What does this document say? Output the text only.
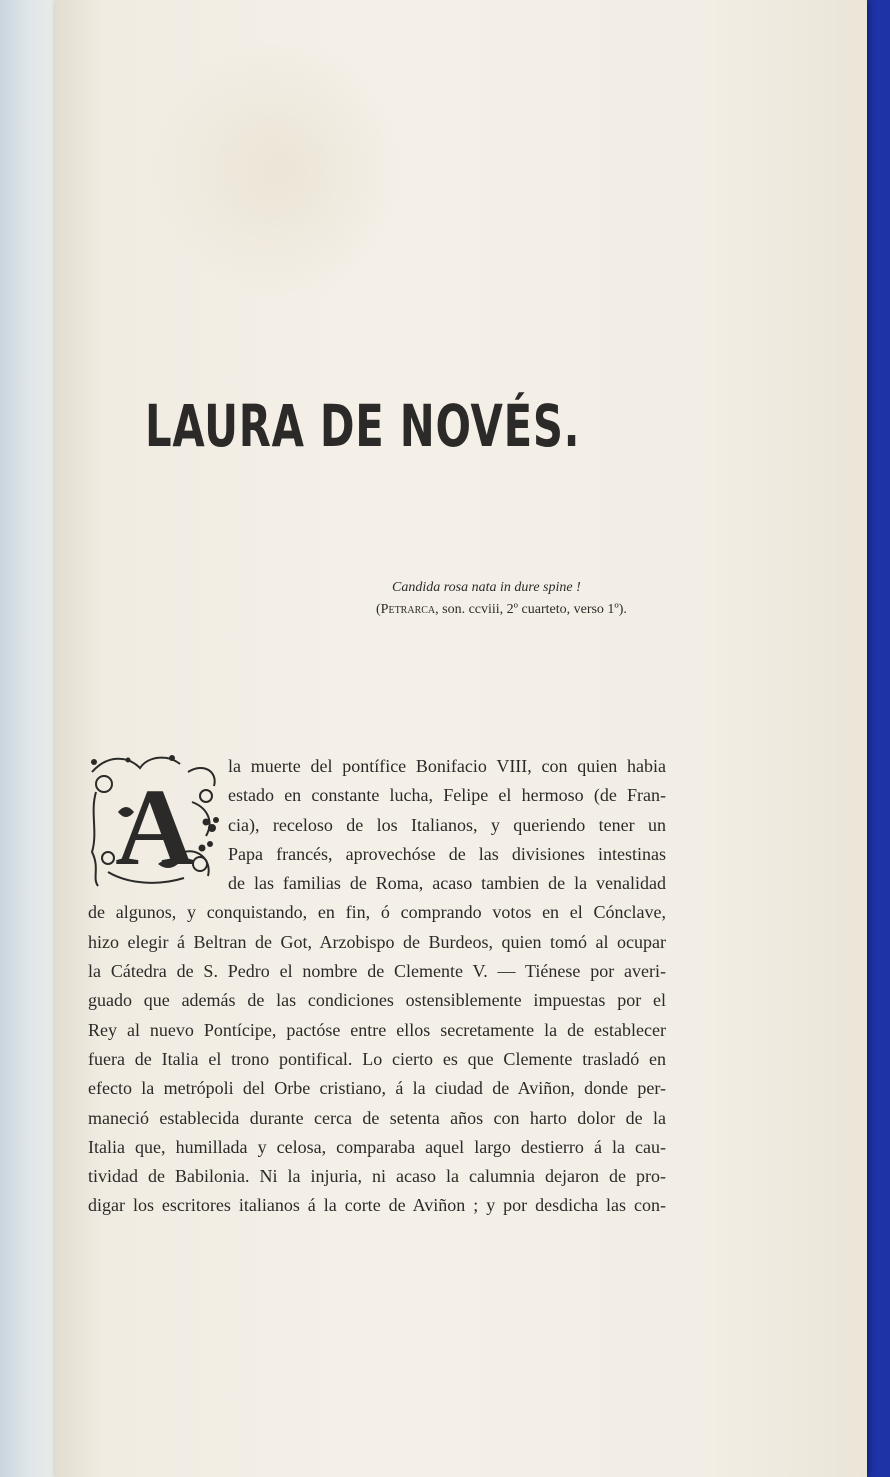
LAURA DE NOVÉS.
Candida rosa nata in dure spine !
(Petrarca, son. ccviii, 2º cuarteto, verso 1º).
A la muerte del pontífice Bonifacio VIII, con quien habia
estado en constante lucha, Felipe el hermoso (de Fran-
cia), receloso de los Italianos, y queriendo tener un
Papa francés, aprovechóse de las divisiones intestinas
de las familias de Roma, acaso tambien de la venalidad
de algunos, y conquistando, en fin, ó comprando votos en el Cónclave,
hizo elegir á Beltran de Got, Arzobispo de Burdeos, quien tomó al ocupar
la Cátedra de S. Pedro el nombre de Clemente V. — Tiénese por averi-
guado que además de las condiciones ostensiblemente impuestas por el
Rey al nuevo Pontícipe, pactóse entre ellos secretamente la de establecer
fuera de Italia el trono pontifical. Lo cierto es que Clemente trasladó en
efecto la metrópoli del Orbe cristiano, á la ciudad de Aviñon, donde per-
maneció establecida durante cerca de setenta años con harto dolor de la
Italia que, humillada y celosa, comparaba aquel largo destierro á la cau-
tividad de Babilonia. Ni la injuria, ni acaso la calumnia dejaron de pro-
digar los escritores italianos á la corte de Aviñon ; y por desdicha las con-
